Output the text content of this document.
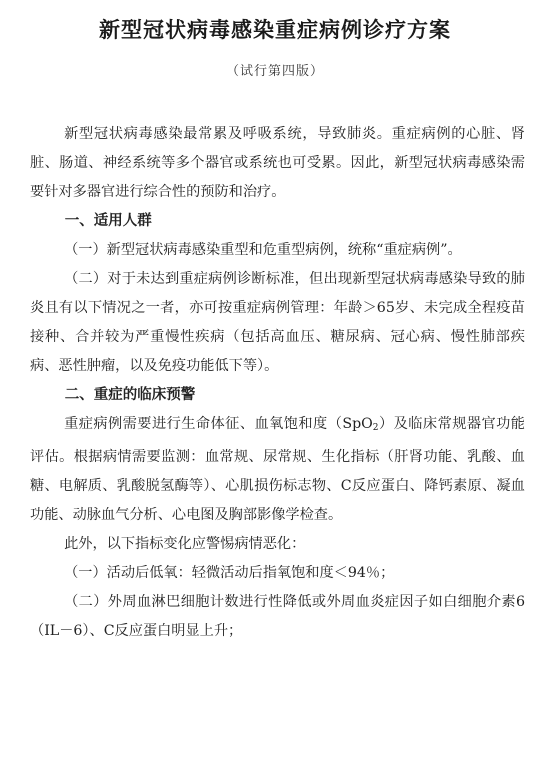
新型冠状病毒感染重症病例诊疗方案
（试行第四版）

新型冠状病毒感染最常累及呼吸系统，导致肺炎。重症病例的心脏、肾脏、肠道、神经系统等多个器官或系统也可受累。因此，新型冠状病毒感染需要针对多器官进行综合性的预防和治疗。

一、适用人群

（一）新型冠状病毒感染重型和危重型病例，统称“重症病例”。

（二）对于未达到重症病例诊断标准，但出现新型冠状病毒感染导致的肺炎且有以下情况之一者，亦可按重症病例管理：年龄＞65岁、未完成全程疫苗接种、合并较为严重慢性疾病（包括高血压、糖尿病、冠心病、慢性肺部疾病、恶性肿瘤，以及免疫功能低下等）。

二、重症的临床预警

重症病例需要进行生命体征、血氧饱和度（SpO$_2$）及临床常规器官功能评估。根据病情需要监测：血常规、尿常规、生化指标（肝肾功能、乳酸、血糖、电解质、乳酸脱氢酶等）、心肌损伤标志物、C反应蛋白、降钙素原、凝血功能、动脉血气分析、心电图及胸部影像学检查。

此外，以下指标变化应警惕病情恶化：

（一）活动后低氧：轻微活动后指氧饱和度＜94％；

（二）外周血淋巴细胞计数进行性降低或外周血炎症因子如白细胞介素6（IL－6）、C反应蛋白明显上升；
